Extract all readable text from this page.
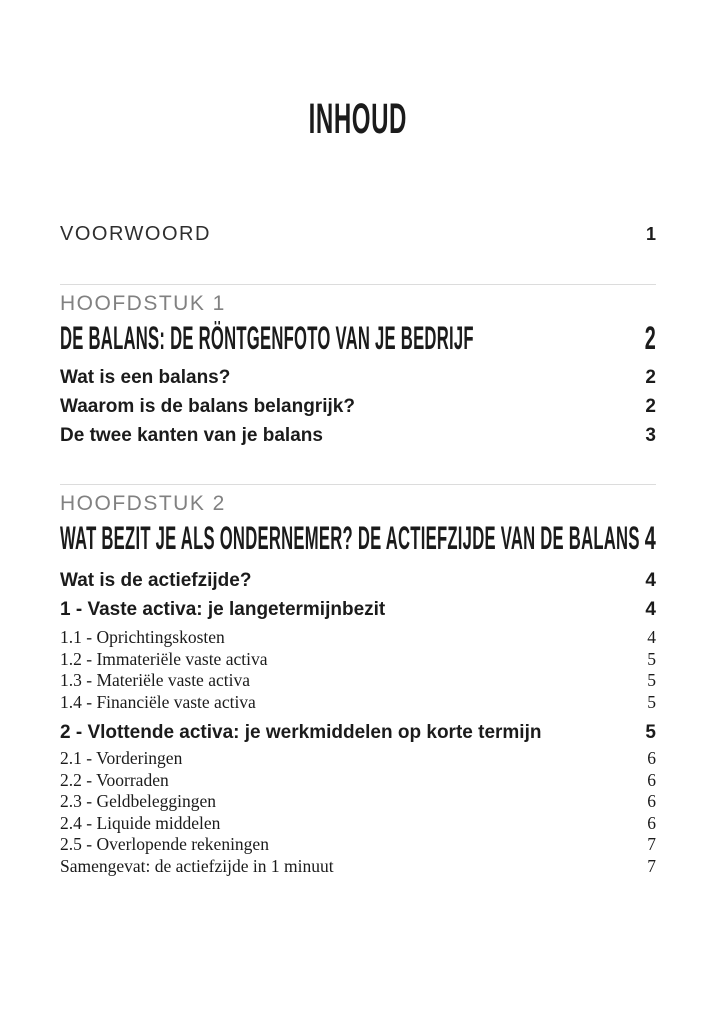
INHOUD
VOORWOORD	1
HOOFDSTUK 1
DE BALANS: DE RÖNTGENFOTO VAN JE BEDRIJF	2
Wat is een balans?	2
Waarom is de balans belangrijk?	2
De twee kanten van je balans	3
HOOFDSTUK 2
WAT BEZIT JE ALS ONDERNEMER? DE ACTIEFZIJDE VAN DE BALANS 4
Wat is de actiefzijde?	4
1 - Vaste activa: je langetermijnbezit	4
1.1 - Oprichtingskosten	4
1.2 - Immateriële vaste activa	5
1.3 - Materiële vaste activa	5
1.4 - Financiële vaste activa	5
2 - Vlottende activa: je werkmiddelen op korte termijn	5
2.1 - Vorderingen	6
2.2 - Voorraden	6
2.3 - Geldbeleggingen	6
2.4 - Liquide middelen	6
2.5 - Overlopende rekeningen	7
Samengevat: de actiefzijde in 1 minuut	7
